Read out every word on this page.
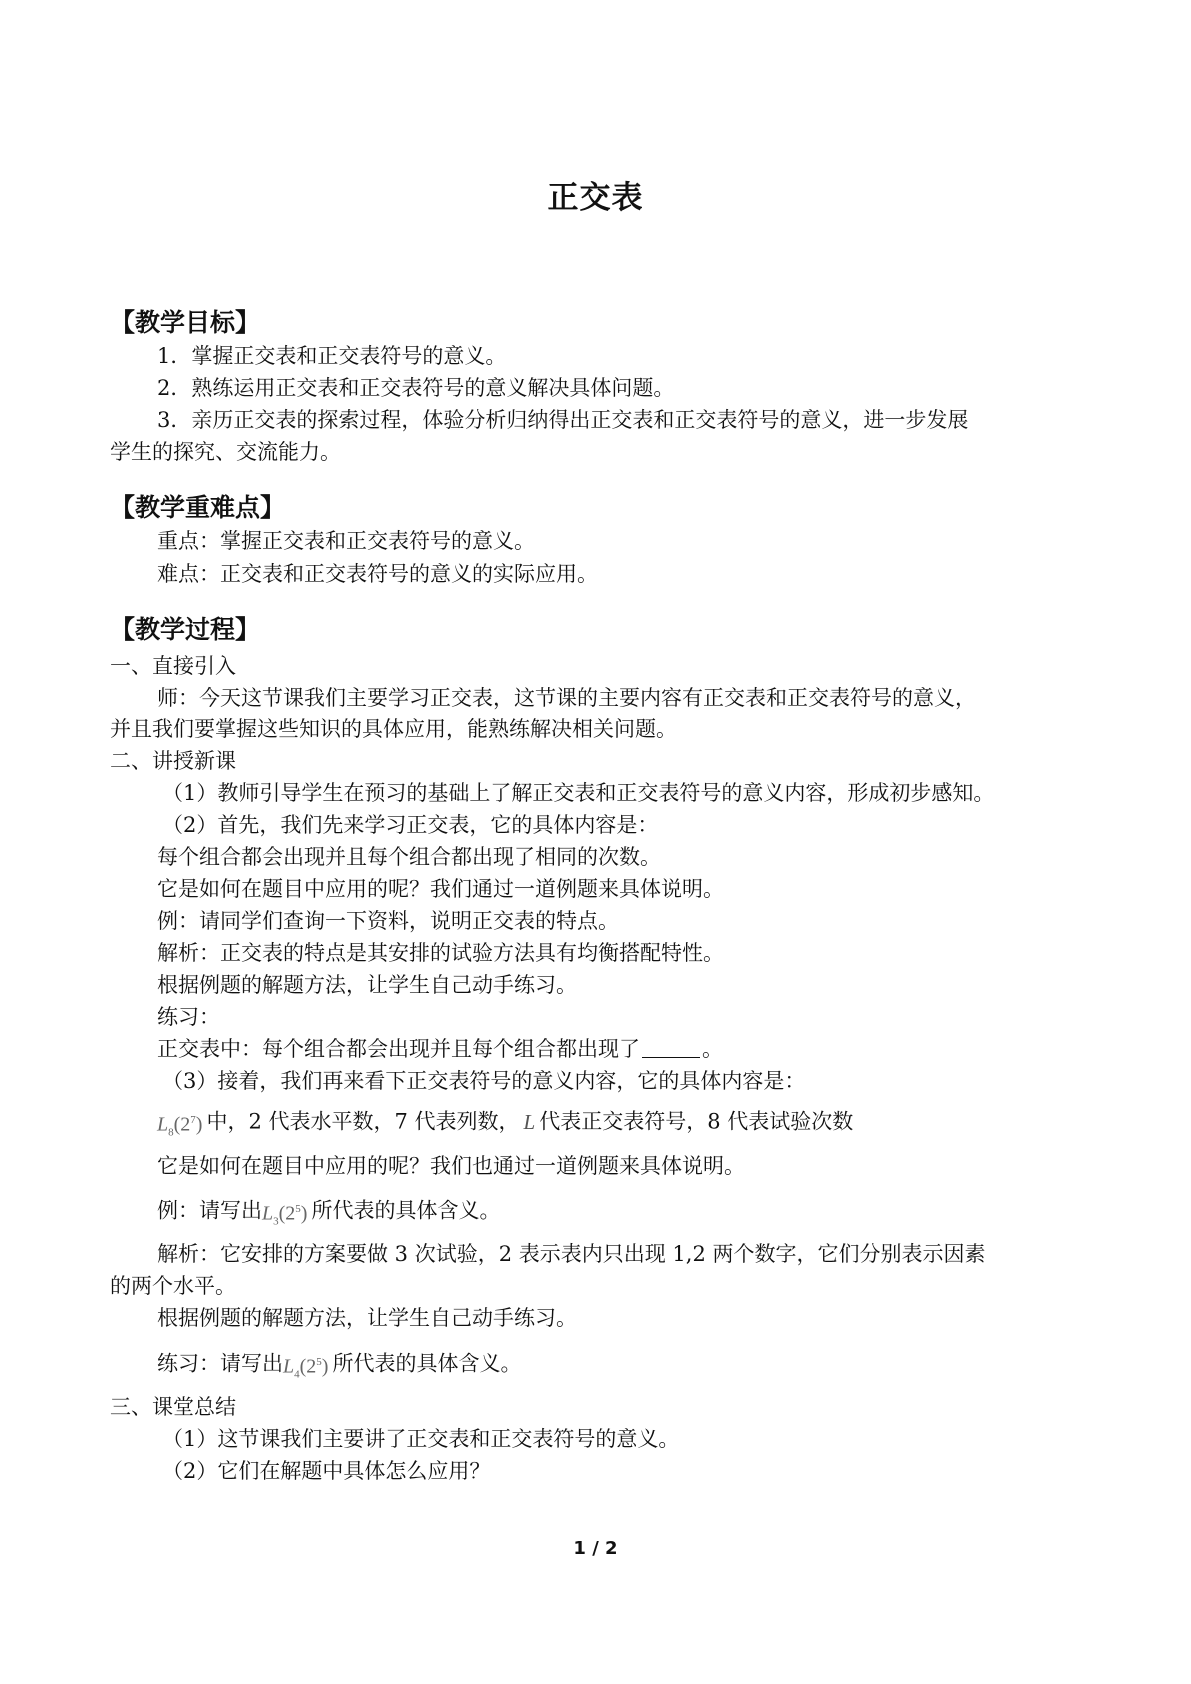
正交表
【教学目标】
1．掌握正交表和正交表符号的意义。
2．熟练运用正交表和正交表符号的意义解决具体问题。
3．亲历正交表的探索过程，体验分析归纳得出正交表和正交表符号的意义，进一步发展
学生的探究、交流能力。
【教学重难点】
重点：掌握正交表和正交表符号的意义。
难点：正交表和正交表符号的意义的实际应用。
【教学过程】
一、直接引入
师：今天这节课我们主要学习正交表，这节课的主要内容有正交表和正交表符号的意义，
并且我们要掌握这些知识的具体应用，能熟练解决相关问题。
二、讲授新课
（1）教师引导学生在预习的基础上了解正交表和正交表符号的意义内容，形成初步感知。
（2）首先，我们先来学习正交表，它的具体内容是：
每个组合都会出现并且每个组合都出现了相同的次数。
它是如何在题目中应用的呢？我们通过一道例题来具体说明。
例：请同学们查询一下资料，说明正交表的特点。
解析：正交表的特点是其安排的试验方法具有均衡搭配特性。
根据例题的解题方法，让学生自己动手练习。
练习：
正交表中：每个组合都会出现并且每个组合都出现了	。
（3）接着，我们再来看下正交表符号的意义内容，它的具体内容是：
$L_8(2^7)$ 中，2 代表水平数，7 代表列数， L 代表正交表符号，8 代表试验次数
它是如何在题目中应用的呢？我们也通过一道例题来具体说明。
例：请写出$L_3(2^5)$ 所代表的具体含义。
解析：它安排的方案要做 3 次试验，2 表示表内只出现 1,2 两个数字，它们分别表示因素
的两个水平。
根据例题的解题方法，让学生自己动手练习。
练习：请写出$L_4(2^5)$ 所代表的具体含义。
三、课堂总结
（1）这节课我们主要讲了正交表和正交表符号的意义。
（2）它们在解题中具体怎么应用？
1 / 2
